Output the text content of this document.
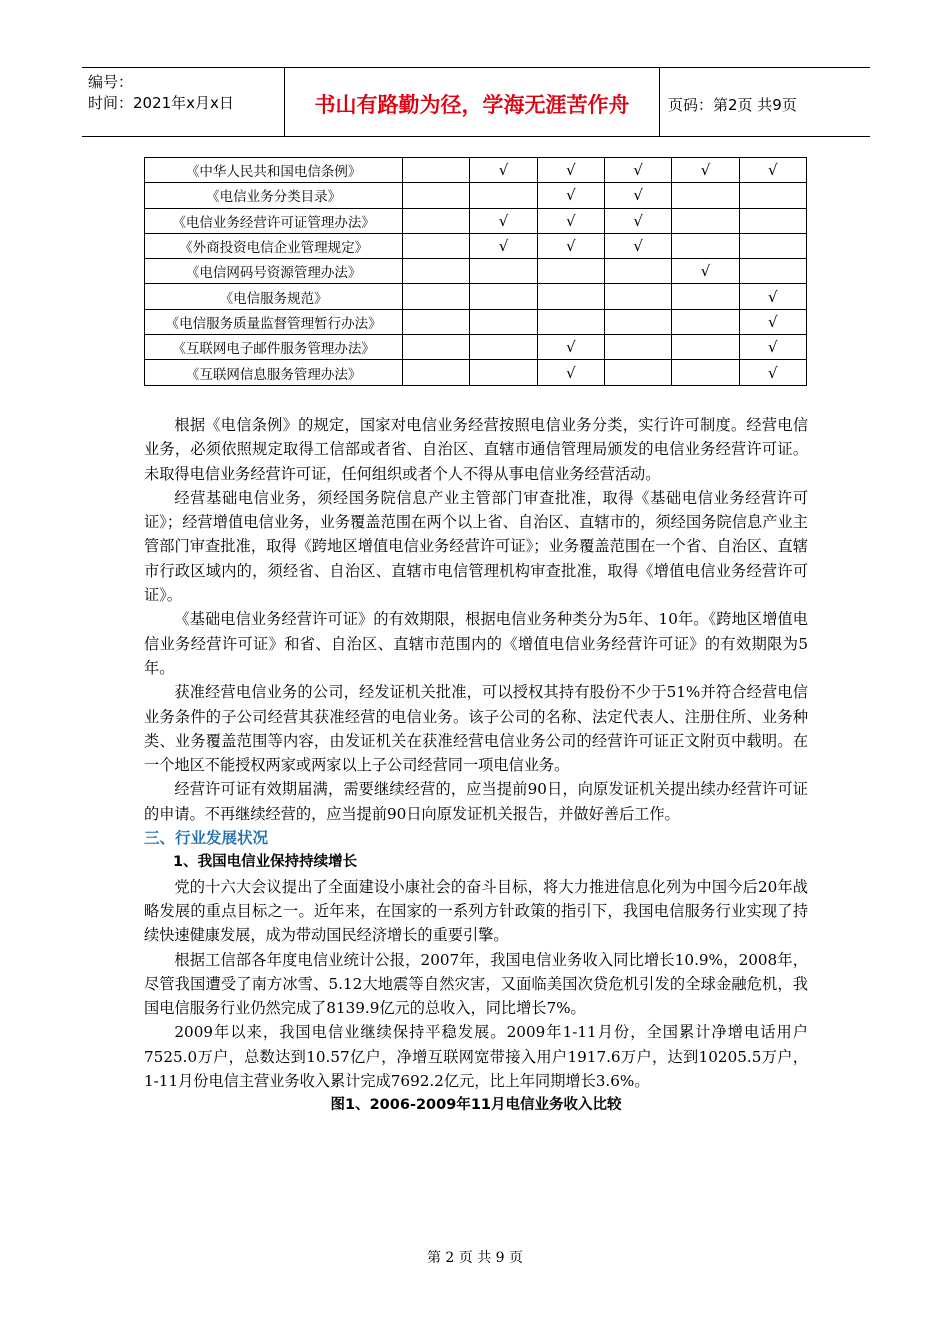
编号：
时间：2021年x月x日	书山有路勤为径，学海无涯苦作舟	页码：第2页 共9页
《中华人民共和国电信条例》		√	√	√	√	√
《电信业务分类目录》			√	√		
《电信业务经营许可证管理办法》		√	√	√		
《外商投资电信企业管理规定》		√	√	√		
《电信网码号资源管理办法》					√	
《电信服务规范》						√
《电信服务质量监督管理暂行办法》						√
《互联网电子邮件服务管理办法》			√			√
《互联网信息服务管理办法》			√			√

根据《电信条例》的规定，国家对电信业务经营按照电信业务分类，实行许可制度。经营电信业务，必须依照规定取得工信部或者省、自治区、直辖市通信管理局颁发的电信业务经营许可证。未取得电信业务经营许可证，任何组织或者个人不得从事电信业务经营活动。

经营基础电信业务，须经国务院信息产业主管部门审查批准，取得《基础电信业务经营许可证》；经营增值电信业务，业务覆盖范围在两个以上省、自治区、直辖市的，须经国务院信息产业主管部门审查批准，取得《跨地区增值电信业务经营许可证》；业务覆盖范围在一个省、自治区、直辖市行政区域内的，须经省、自治区、直辖市电信管理机构审查批准，取得《增值电信业务经营许可证》。

《基础电信业务经营许可证》的有效期限，根据电信业务种类分为5年、10年。《跨地区增值电信业务经营许可证》和省、自治区、直辖市范围内的《增值电信业务经营许可证》的有效期限为5年。

获准经营电信业务的公司，经发证机关批准，可以授权其持有股份不少于51%并符合经营电信业务条件的子公司经营其获准经营的电信业务。该子公司的名称、法定代表人、注册住所、业务种类、业务覆盖范围等内容，由发证机关在获准经营电信业务公司的经营许可证正文附页中载明。在一个地区不能授权两家或两家以上子公司经营同一项电信业务。

经营许可证有效期届满，需要继续经营的，应当提前90日，向原发证机关提出续办经营许可证的申请。不再继续经营的，应当提前90日向原发证机关报告，并做好善后工作。

三、行业发展状况

1、我国电信业保持持续增长

党的十六大会议提出了全面建设小康社会的奋斗目标，将大力推进信息化列为中国今后20年战略发展的重点目标之一。近年来，在国家的一系列方针政策的指引下，我国电信服务行业实现了持续快速健康发展，成为带动国民经济增长的重要引擎。

根据工信部各年度电信业统计公报，2007年，我国电信业务收入同比增长10.9%，2008年，尽管我国遭受了南方冰雪、5.12大地震等自然灾害，又面临美国次贷危机引发的全球金融危机，我国电信服务行业仍然完成了8139.9亿元的总收入，同比增长7%。

2009年以来，我国电信业继续保持平稳发展。2009年1-11月份，全国累计净增电话用户7525.0万户，总数达到10.57亿户，净增互联网宽带接入用户1917.6万户，达到10205.5万户，1-11月份电信主营业务收入累计完成7692.2亿元，比上年同期增长3.6%。

图1、2006-2009年11月电信业务收入比较

第 2 页 共 9 页
